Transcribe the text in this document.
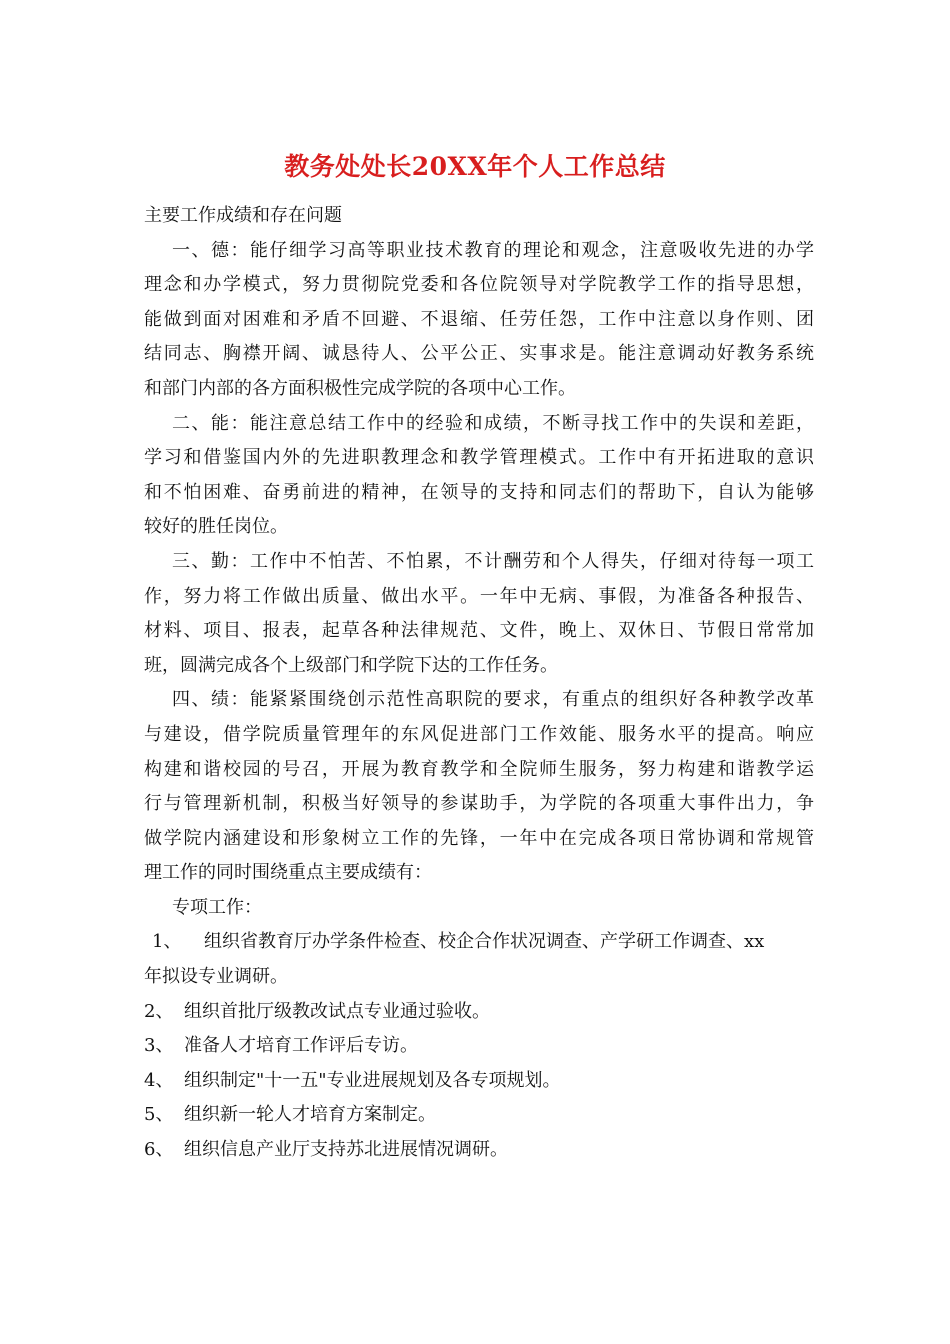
教务处处长20XX年个人工作总结
主要工作成绩和存在问题
一、德：能仔细学习高等职业技术教育的理论和观念，注意吸收先进的办学
理念和办学模式，努力贯彻院党委和各位院领导对学院教学工作的指导思想，
能做到面对困难和矛盾不回避、不退缩、任劳任怨，工作中注意以身作则、团
结同志、胸襟开阔、诚恳待人、公平公正、实事求是。能注意调动好教务系统
和部门内部的各方面积极性完成学院的各项中心工作。
二、能：能注意总结工作中的经验和成绩，不断寻找工作中的失误和差距，
学习和借鉴国内外的先进职教理念和教学管理模式。工作中有开拓进取的意识
和不怕困难、奋勇前进的精神，在领导的支持和同志们的帮助下，自认为能够
较好的胜任岗位。
三、勤：工作中不怕苦、不怕累，不计酬劳和个人得失，仔细对待每一项工
作，努力将工作做出质量、做出水平。一年中无病、事假，为准备各种报告、
材料、项目、报表，起草各种法律规范、文件，晚上、双休日、节假日常常加
班，圆满完成各个上级部门和学院下达的工作任务。
四、绩：能紧紧围绕创示范性高职院的要求，有重点的组织好各种教学改革
与建设，借学院质量管理年的东风促进部门工作效能、服务水平的提高。响应
构建和谐校园的号召，开展为教育教学和全院师生服务，努力构建和谐教学运
行与管理新机制，积极当好领导的参谋助手，为学院的各项重大事件出力，争
做学院内涵建设和形象树立工作的先锋，一年中在完成各项日常协调和常规管
理工作的同时围绕重点主要成绩有：
专项工作：
1、 组织省教育厅办学条件检查、校企合作状况调查、产学研工作调查、xx
年拟设专业调研。
2、 组织首批厅级教改试点专业通过验收。
3、 准备人才培育工作评后专访。
4、 组织制定"十一五"专业进展规划及各专项规划。
5、 组织新一轮人才培育方案制定。
6、 组织信息产业厅支持苏北进展情况调研。
